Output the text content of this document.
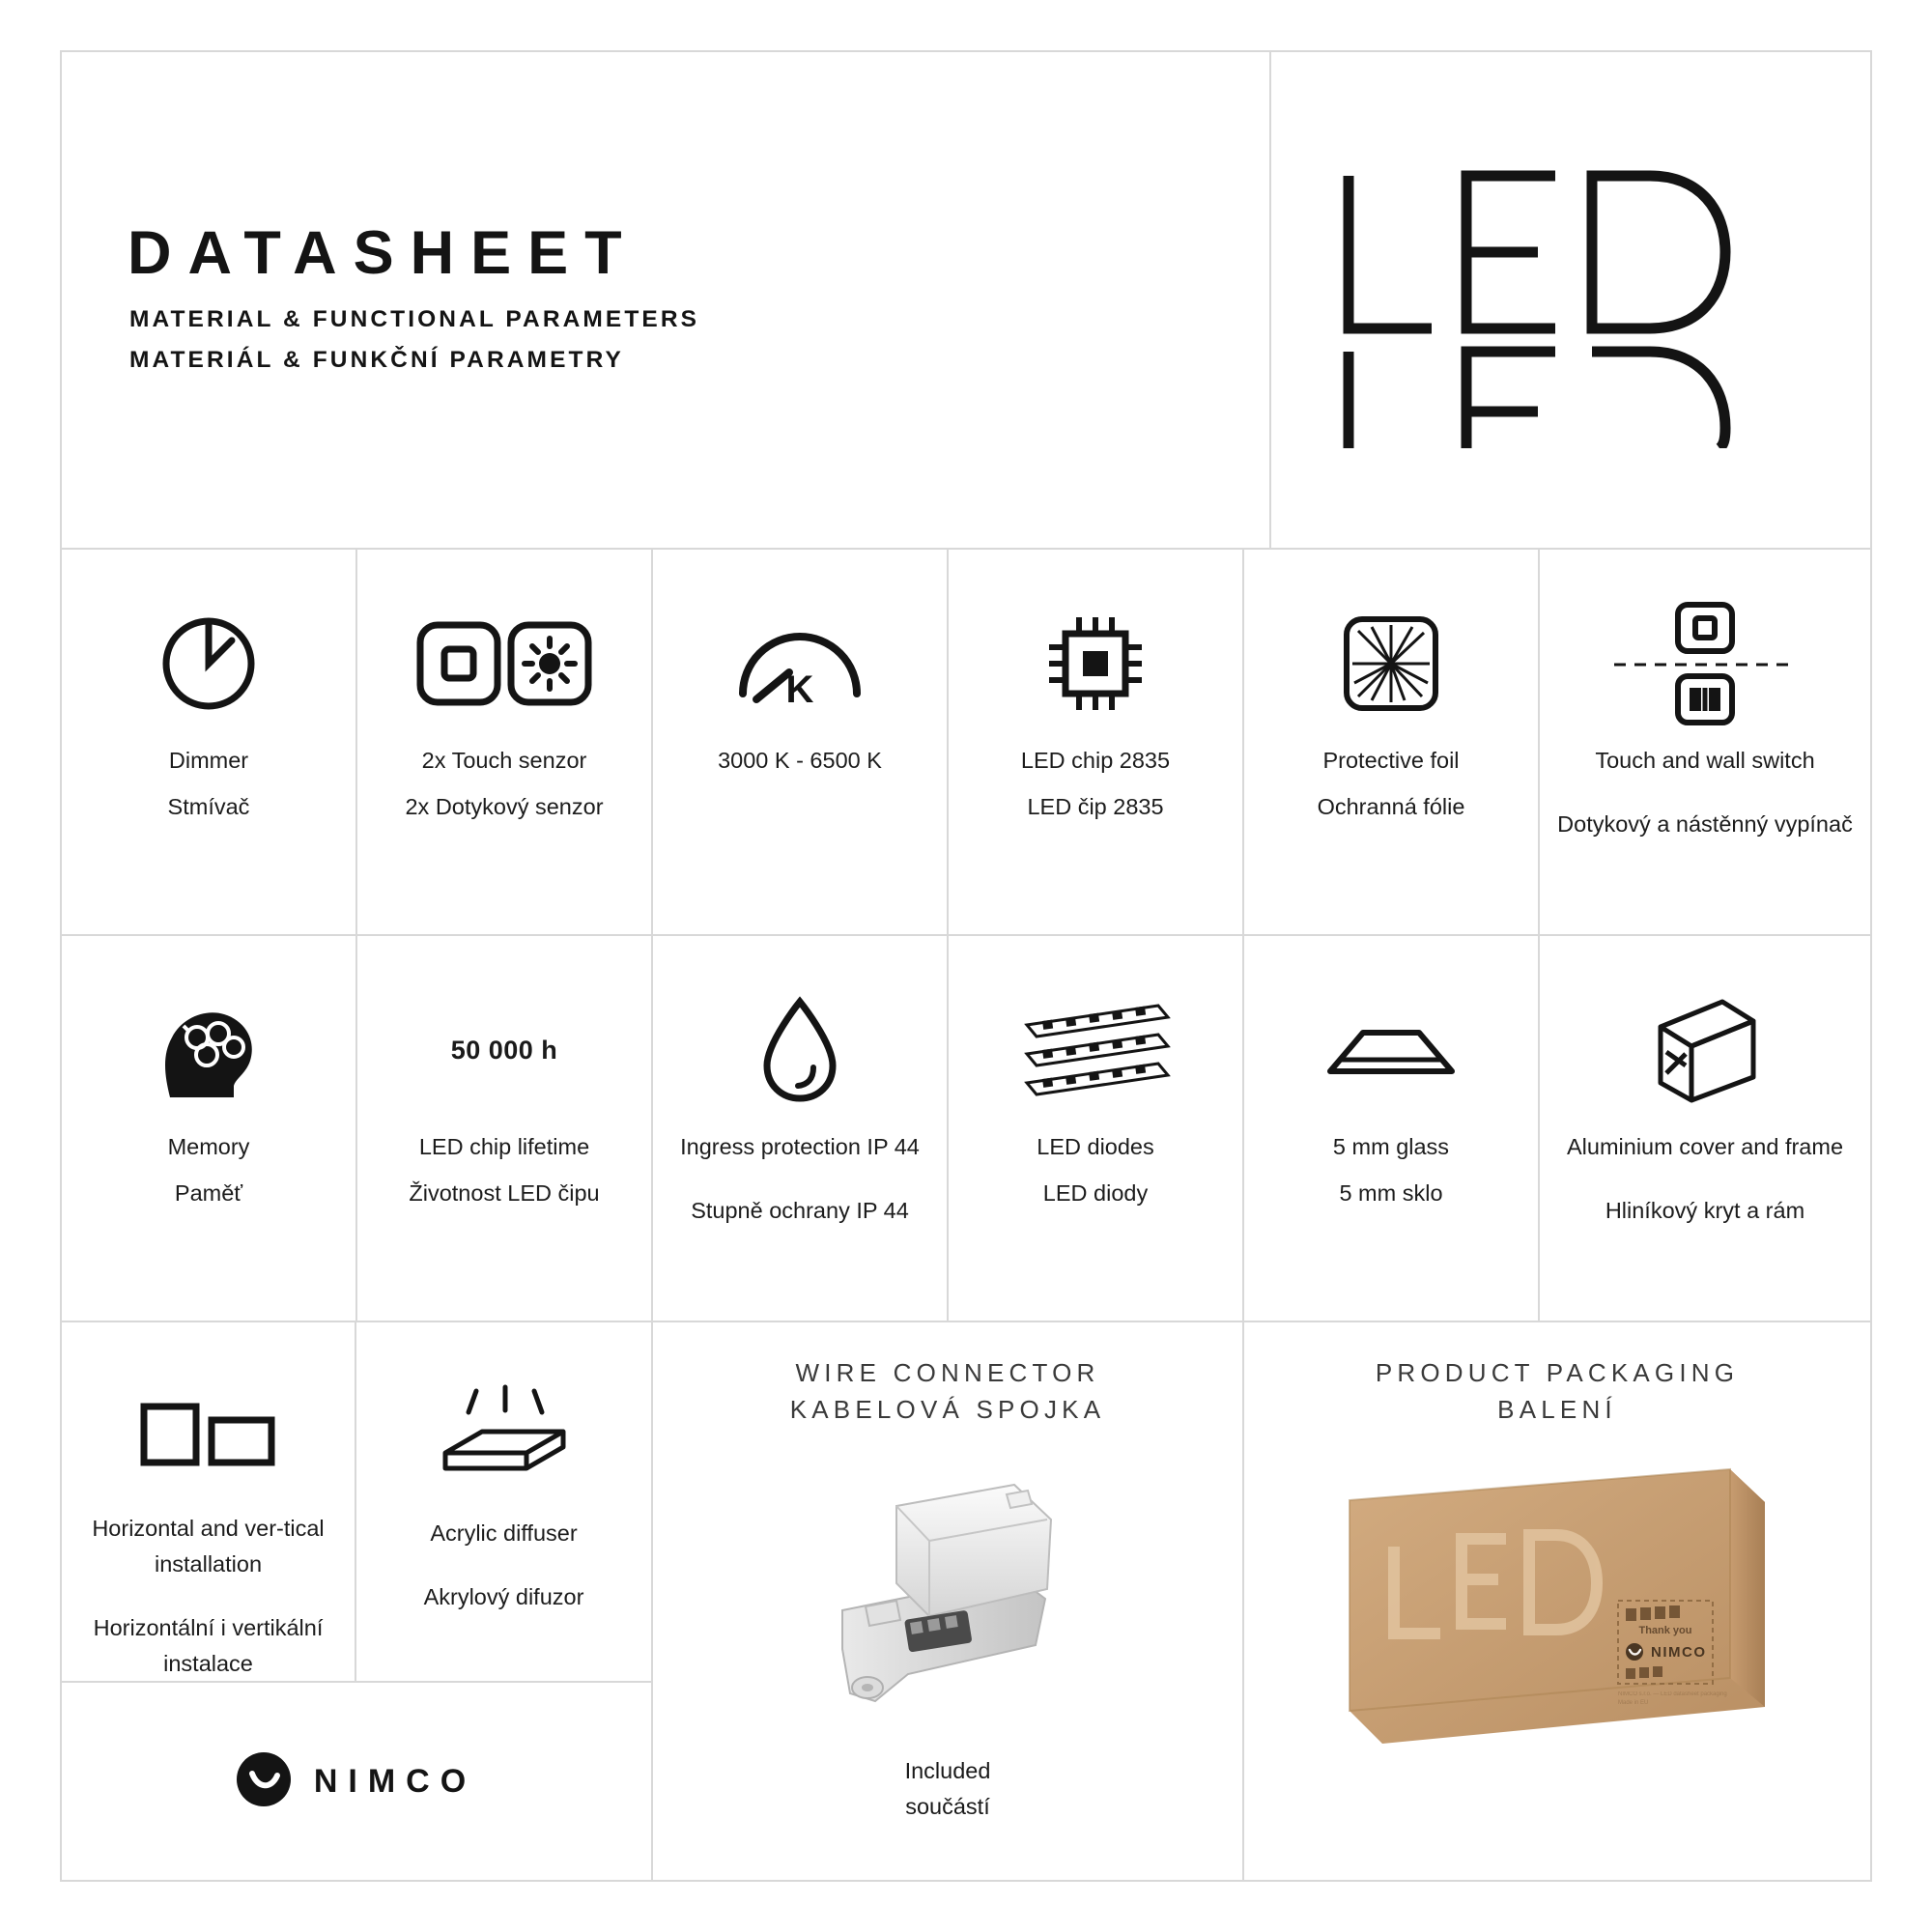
DATASHEET
MATERIAL & FUNCTIONAL PARAMETERS
MATERIÁL & FUNKČNÍ PARAMETRY
Dimmer
Stmívač
2x Touch senzor
2x Dotykový senzor
K
3000 K - 6500 K	LED chip 2835
LED čip 2835
Protective foil
Ochranná fólie
Touch and wall switch
Dotykový a nástěnný vypínač
Memory
Paměť
50 000 h
LED chip lifetime
Životnost LED čipu
Ingress protection IP 44
Stupně ochrany IP 44
LED diodes
LED diody
5 mm glass
5 mm sklo
Aluminium cover and frame
Hliníkový kryt a rám
Horizontal and ver-tical installation
Horizontální i vertikální instalace
Acrylic diffuser
Akrylový difuzor
NIMCO
WIRE CONNECTOR
KABELOVÁ SPOJKA
Included
součástí
PRODUCT PACKAGING
BALENÍ
Thank you
NIMCO
NIMCO s.r.o. — LED datasheet packaging
Made in EU
